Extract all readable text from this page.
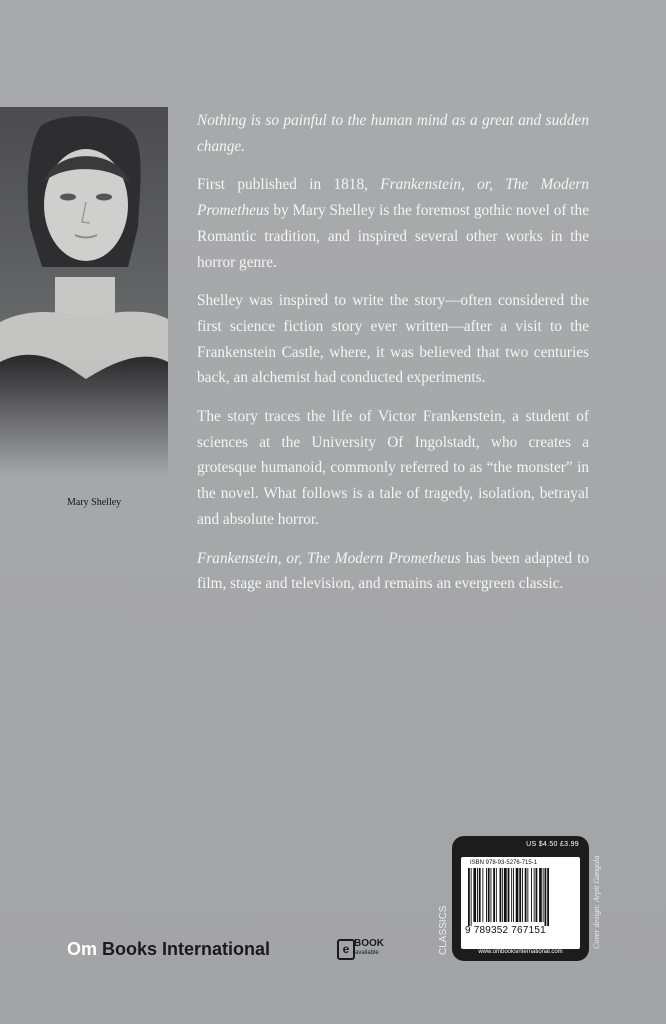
Mary Shelley

Nothing is so painful to the human mind as a great and sudden change.

First published in 1818, Frankenstein, or, The Modern Prometheus by Mary Shelley is the foremost gothic novel of the Romantic tradition, and inspired several other works in the horror genre.

Shelley was inspired to write the story—often considered the first science fiction story ever written—after a visit to the Frankenstein Castle, where, it was believed that two centuries back, an alchemist had conducted experiments.

The story traces the life of Victor Frankenstein, a student of sciences at the University Of Ingolstadt, who creates a grotesque humanoid, commonly referred to as “the monster” in the novel. What follows is a tale of tragedy, isolation, betrayal and absolute horror.

Frankenstein, or, The Modern Prometheus has been adapted to film, stage and television, and remains an evergreen classic.

Om Books International	e BOOK
available	CLASSICS
US $4.50 £3.99
ISBN 978-93-5276-715-1
9 789352 767151
www.ombooksinternational.com
Cover design: Arpit Gangola
